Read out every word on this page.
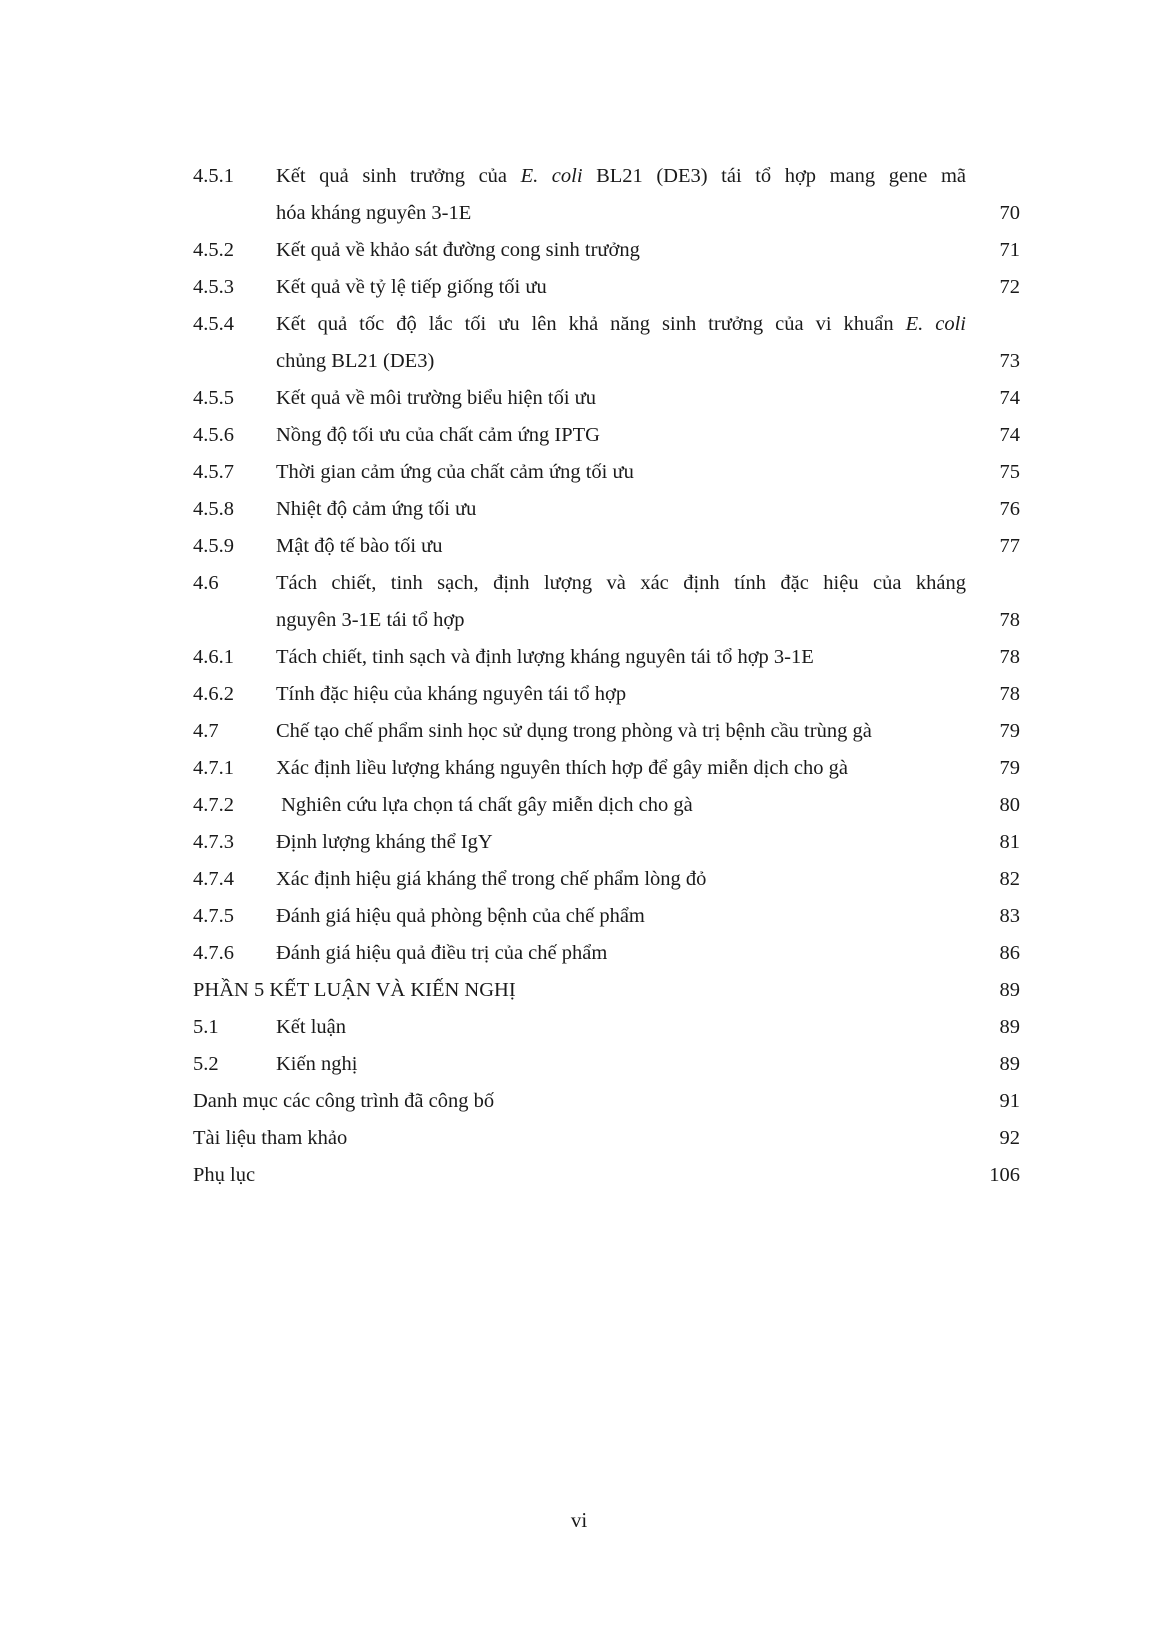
4.5.1 Kết quả sinh trưởng của E. coli BL21 (DE3) tái tổ hợp mang gene mã
hóa kháng nguyên 3-1E	70
4.5.2 Kết quả về khảo sát đường cong sinh trưởng	71
4.5.3 Kết quả về tỷ lệ tiếp giống tối ưu	72
4.5.4 Kết quả tốc độ lắc tối ưu lên khả năng sinh trưởng của vi khuẩn E. coli
chủng BL21 (DE3)	73
4.5.5 Kết quả về môi trường biểu hiện tối ưu	74
4.5.6 Nồng độ tối ưu của chất cảm ứng IPTG	74
4.5.7 Thời gian cảm ứng của chất cảm ứng tối ưu	75
4.5.8 Nhiệt độ cảm ứng tối ưu	76
4.5.9 Mật độ tế bào tối ưu	77
4.6	Tách chiết, tinh sạch, định lượng và xác định tính đặc hiệu của kháng
nguyên 3-1E tái tổ hợp	78
4.6.1 Tách chiết, tinh sạch và định lượng kháng nguyên tái tổ hợp 3-1E	78
4.6.2 Tính đặc hiệu của kháng nguyên tái tổ hợp	78
4.7	Chế tạo chế phẩm sinh học sử dụng trong phòng và trị bệnh cầu trùng gà	79
4.7.1 Xác định liều lượng kháng nguyên thích hợp để gây miễn dịch cho gà	79
4.7.2 Nghiên cứu lựa chọn tá chất gây miễn dịch cho gà	80
4.7.3 Định lượng kháng thể IgY	81
4.7.4 Xác định hiệu giá kháng thể trong chế phẩm lòng đỏ	82
4.7.5 Đánh giá hiệu quả phòng bệnh của chế phẩm	83
4.7.6 Đánh giá hiệu quả điều trị của chế phẩm	86
PHẦN 5 KẾT LUẬN VÀ KIẾN NGHỊ	89
5.1	Kết luận	89
5.2	Kiến nghị	89
Danh mục các công trình đã công bố	91
Tài liệu tham khảo	92
Phụ lục	106
vi
